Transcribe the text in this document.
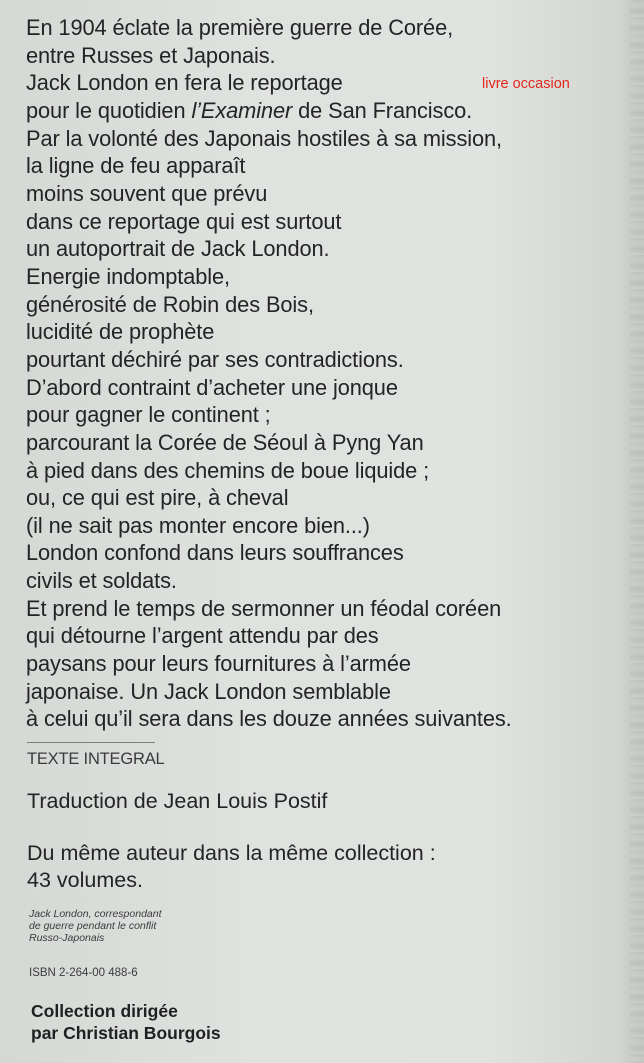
En 1904 éclate la première guerre de Corée,
entre Russes et Japonais.
Jack London en fera le reportage
pour le quotidien l’Examiner de San Francisco.
Par la volonté des Japonais hostiles à sa mission,
la ligne de feu apparaît
moins souvent que prévu
dans ce reportage qui est surtout
un autoportrait de Jack London.
Energie indomptable,
générosité de Robin des Bois,
lucidité de prophète
pourtant déchiré par ses contradictions.
D’abord contraint d’acheter une jonque
pour gagner le continent ;
parcourant la Corée de Séoul à Pyng Yan
à pied dans des chemins de boue liquide ;
ou, ce qui est pire, à cheval
(il ne sait pas monter encore bien...)
London confond dans leurs souffrances
civils et soldats.
Et prend le temps de sermonner un féodal coréen
qui détourne l’argent attendu par des
paysans pour leurs fournitures à l’armée
japonaise. Un Jack London semblable
à celui qu’il sera dans les douze années suivantes.
livre occasion
TEXTE INTEGRAL
Traduction de Jean Louis Postif
Du même auteur dans la même collection :
43 volumes.
Jack London, correspondant
de guerre pendant le conflit
Russo-Japonais
ISBN 2-264-00 488-6
Collection dirigée
par Christian Bourgois
